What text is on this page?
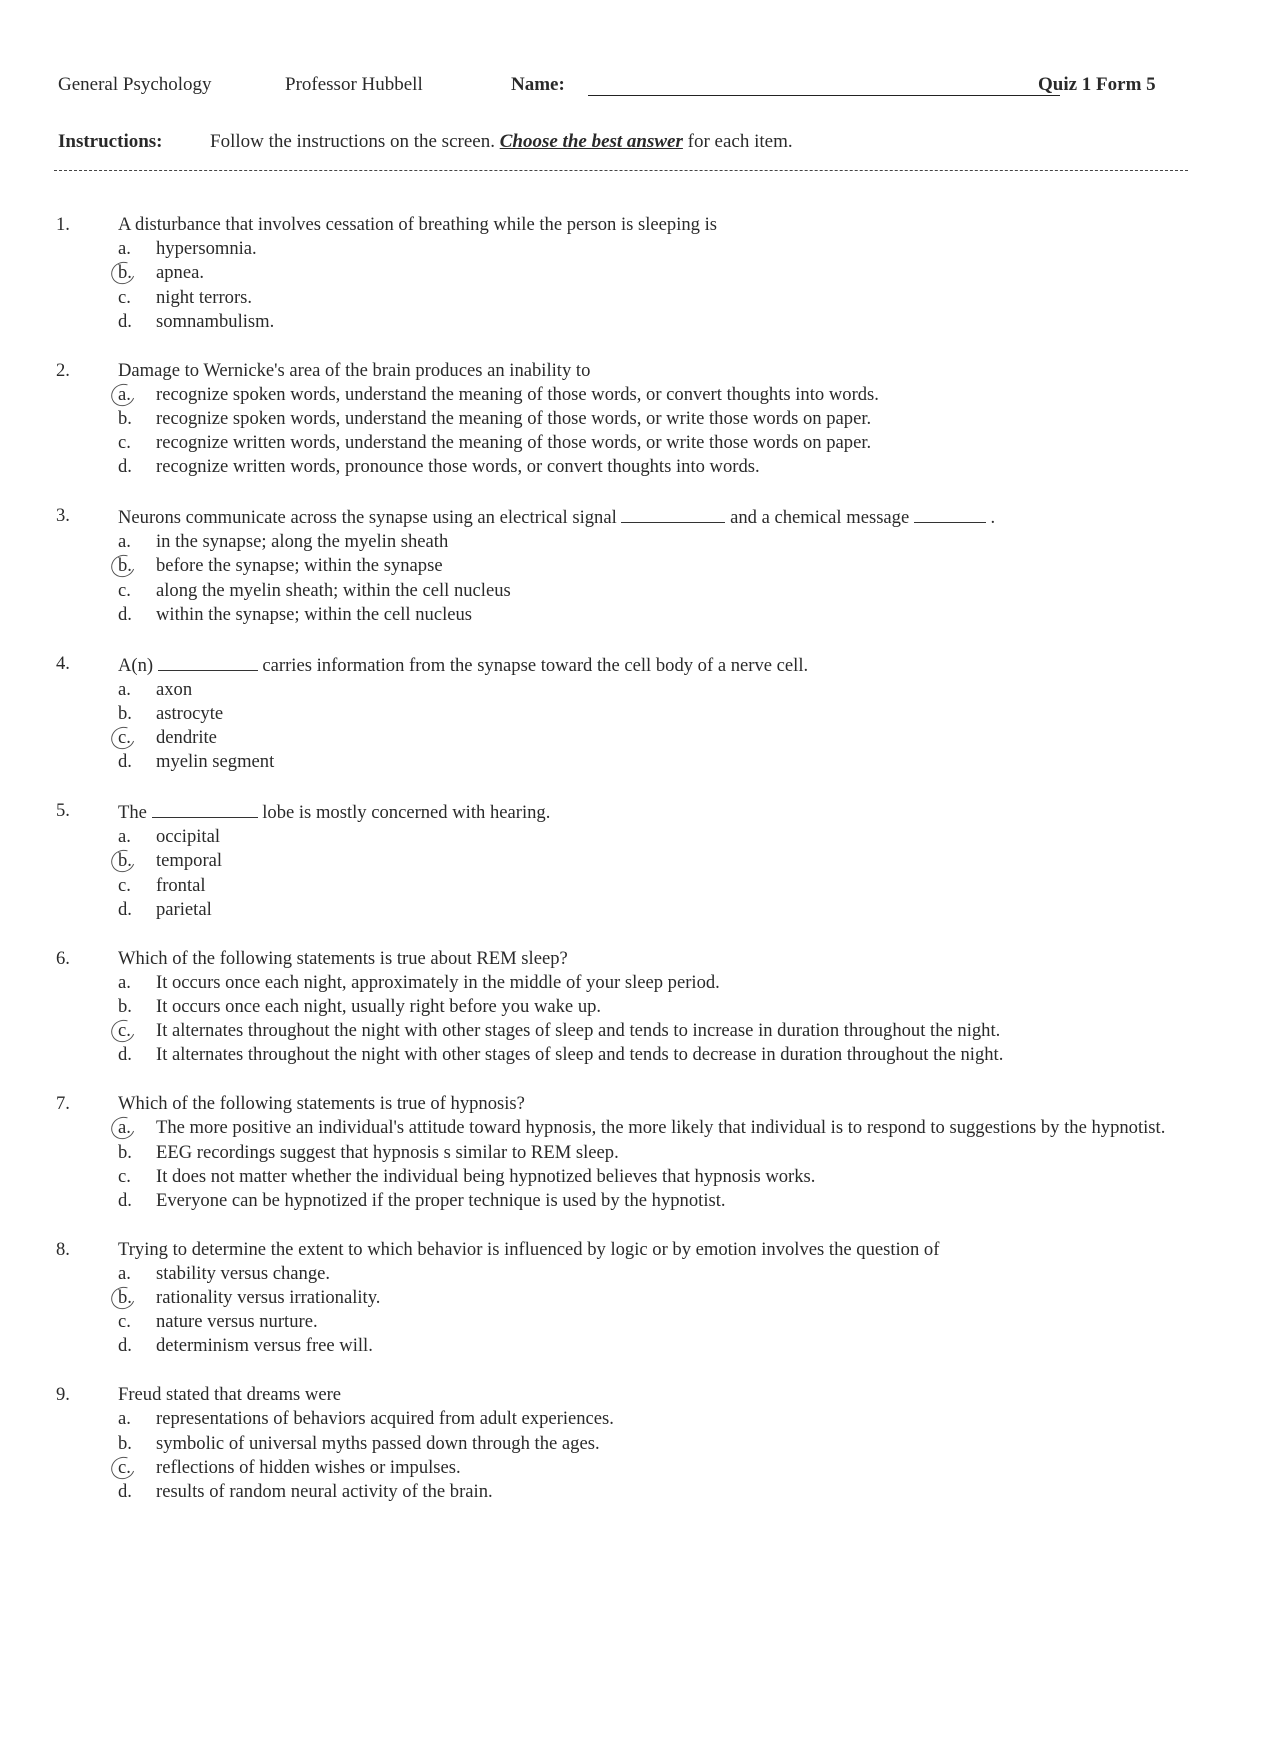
General Psychology	Professor Hubbell	Name:	Quiz 1 Form 5
Instructions: Follow the instructions on the screen. Choose the best answer for each item.
1.	A disturbance that involves cessation of breathing while the person is sleeping is
a.	hypersomnia.
b.	apnea.
c.	night terrors.
d.	somnambulism.
2.	Damage to Wernicke's area of the brain produces an inability to
a.	recognize spoken words, understand the meaning of those words, or convert thoughts into words.
b.	recognize spoken words, understand the meaning of those words, or write those words on paper.
c.	recognize written words, understand the meaning of those words, or write those words on paper.
d.	recognize written words, pronounce those words, or convert thoughts into words.
3.	Neurons communicate across the synapse using an electrical signal	and a chemical message	.
a.	in the synapse; along the myelin sheath
b.	before the synapse; within the synapse
c.	along the myelin sheath; within the cell nucleus
d.	within the synapse; within the cell nucleus
4.	A(n)	carries information from the synapse toward the cell body of a nerve cell.
a.	axon
b.	astrocyte
c.	dendrite
d.	myelin segment
5.	The	lobe is mostly concerned with hearing.
a.	occipital
b.	temporal
c.	frontal
d.	parietal
6.	Which of the following statements is true about REM sleep?
a.	It occurs once each night, approximately in the middle of your sleep period.
b.	It occurs once each night, usually right before you wake up.
c.	It alternates throughout the night with other stages of sleep and tends to increase in duration throughout the night.
d.	It alternates throughout the night with other stages of sleep and tends to decrease in duration throughout the night.
7.	Which of the following statements is true of hypnosis?
a.	The more positive an individual's attitude toward hypnosis, the more likely that individual is to respond to suggestions by the hypnotist.
b.	EEG recordings suggest that hypnosis s similar to REM sleep.
c.	It does not matter whether the individual being hypnotized believes that hypnosis works.
d.	Everyone can be hypnotized if the proper technique is used by the hypnotist.
8.	Trying to determine the extent to which behavior is influenced by logic or by emotion involves the question of
a.	stability versus change.
b.	rationality versus irrationality.
c.	nature versus nurture.
d.	determinism versus free will.
9.	Freud stated that dreams were
a.	representations of behaviors acquired from adult experiences.
b.	symbolic of universal myths passed down through the ages.
c.	reflections of hidden wishes or impulses.
d.	results of random neural activity of the brain.
